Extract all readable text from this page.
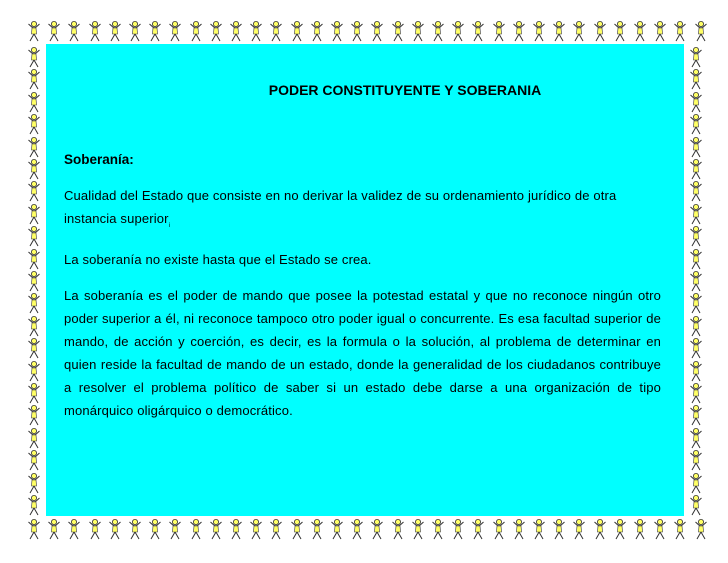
PODER CONSTITUYENTE Y SOBERANIA
Soberanía:
Cualidad del Estado que consiste en no derivar la validez de su ordenamiento jurídico de otra instancia superior$^i$
La soberanía no existe hasta que el Estado se crea.
La soberanía es el poder de mando que posee la potestad estatal y que no reconoce ningún otro poder superior a él, ni reconoce tampoco otro poder igual o concurrente. Es esa facultad superior de mando, de acción y coerción, es decir, es la formula o la solución, al problema de determinar en quien reside la facultad de mando de un estado, donde la generalidad de los ciudadanos contribuye a resolver el problema político de saber si un estado debe darse a una organización de tipo monárquico oligárquico o democrático.
